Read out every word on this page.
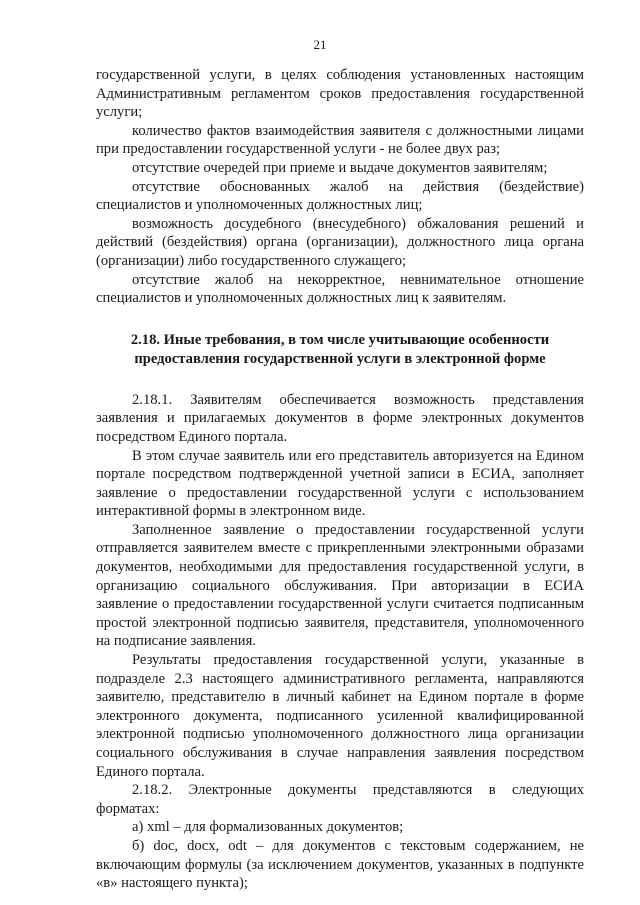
21

государственной услуги, в целях соблюдения установленных настоящим Административным регламентом сроков предоставления государственной услуги;

количество фактов взаимодействия заявителя с должностными лицами при предоставлении государственной услуги - не более двух раз;

отсутствие очередей при приеме и выдаче документов заявителям;

отсутствие обоснованных жалоб на действия (бездействие) специалистов и уполномоченных должностных лиц;

возможность досудебного (внесудебного) обжалования решений и действий (бездействия) органа (организации), должностного лица органа (организации) либо государственного служащего;

отсутствие жалоб на некорректное, невнимательное отношение специалистов и уполномоченных должностных лиц к заявителям.

2.18. Иные требования, в том числе учитывающие особенности
предоставления государственной услуги в электронной форме

2.18.1. Заявителям обеспечивается возможность представления заявления и прилагаемых документов в форме электронных документов посредством Единого портала.

В этом случае заявитель или его представитель авторизуется на Едином портале посредством подтвержденной учетной записи в ЕСИА, заполняет заявление о предоставлении государственной услуги с использованием интерактивной формы в электронном виде.

Заполненное заявление о предоставлении государственной услуги отправляется заявителем вместе с прикрепленными электронными образами документов, необходимыми для предоставления государственной услуги, в организацию социального обслуживания. При авторизации в ЕСИА заявление о предоставлении государственной услуги считается подписанным простой электронной подписью заявителя, представителя, уполномоченного на подписание заявления.

Результаты предоставления государственной услуги, указанные в подразделе 2.3 настоящего административного регламента, направляются заявителю, представителю в личный кабинет на Едином портале в форме электронного документа, подписанного усиленной квалифицированной электронной подписью уполномоченного должностного лица организации социального обслуживания в случае направления заявления посредством Единого портала.

2.18.2. Электронные документы представляются в следующих форматах:

а) xml – для формализованных документов;

б) doc, docx, odt – для документов с текстовым содержанием, не включающим формулы (за исключением документов, указанных в подпункте «в» настоящего пункта);
